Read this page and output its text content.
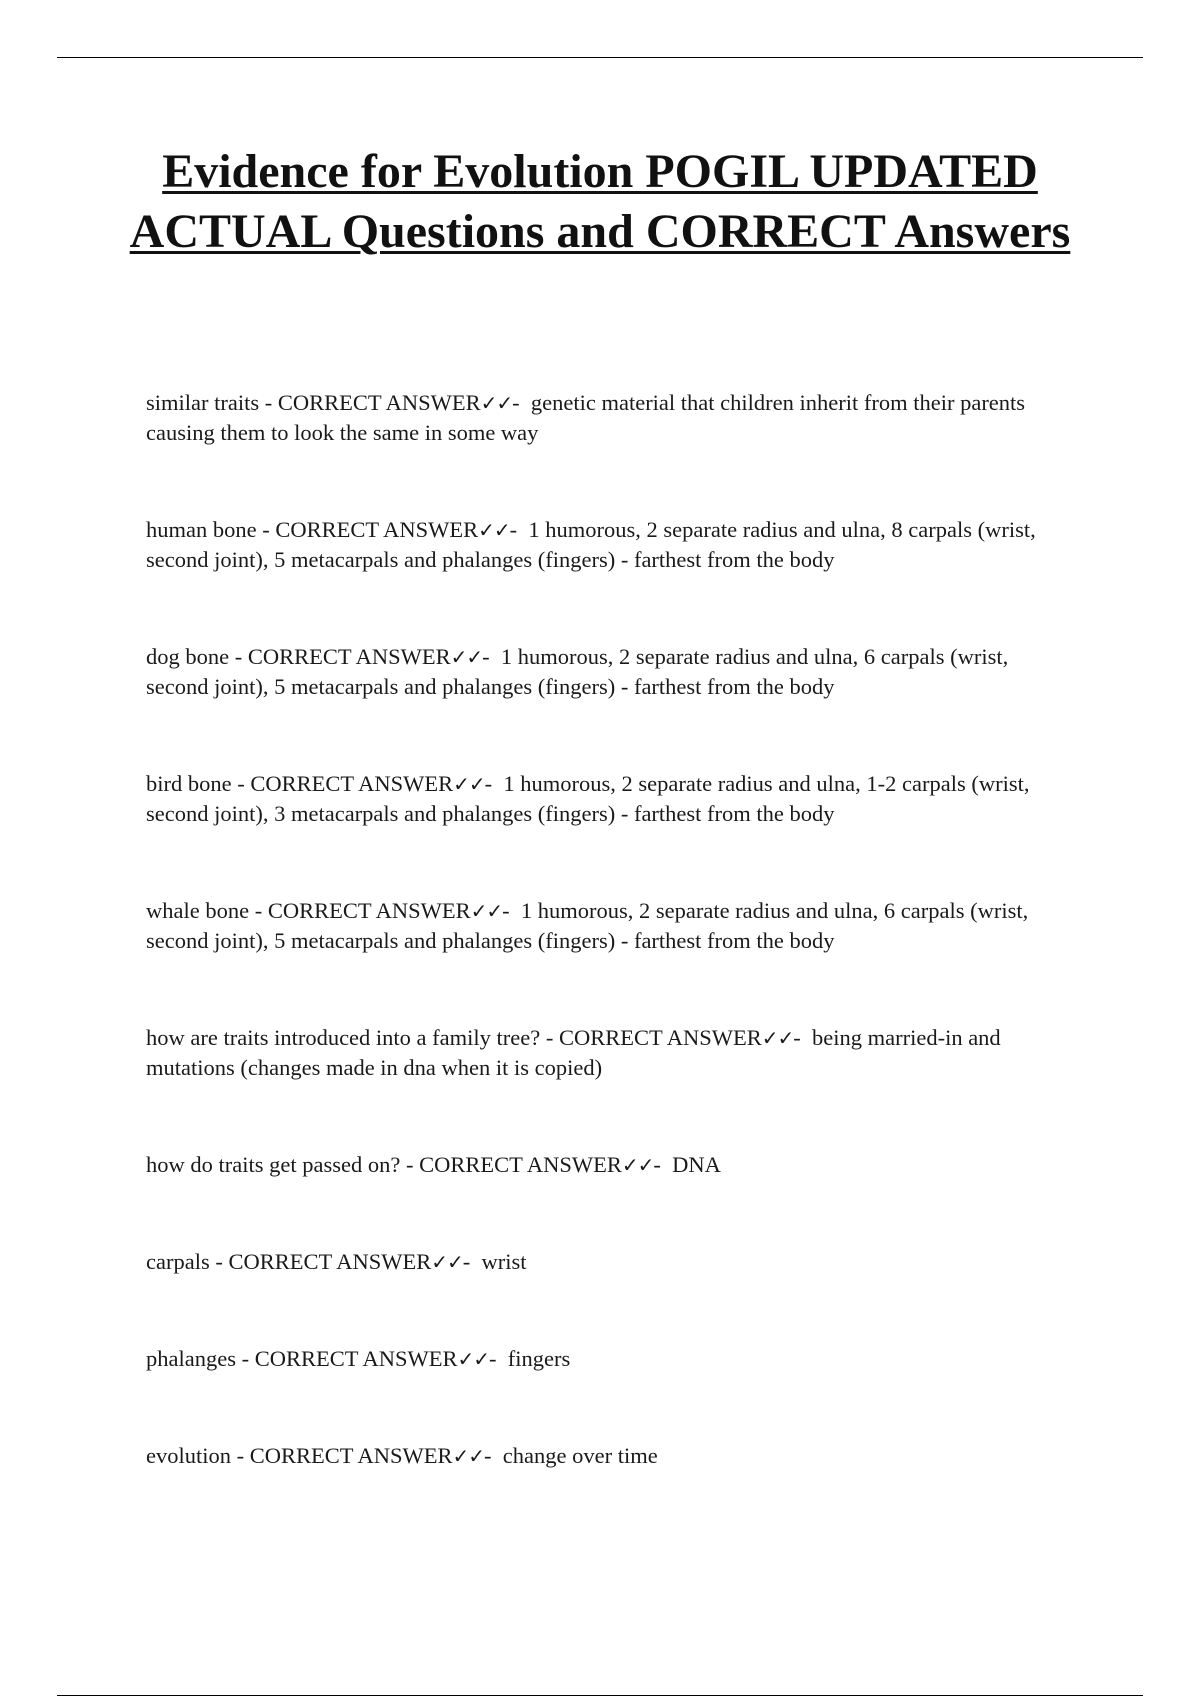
Evidence for Evolution POGIL UPDATED ACTUAL Questions and CORRECT Answers
similar traits - CORRECT ANSWER✓✓-  genetic material that children inherit from their parents causing them to look the same in some way
human bone - CORRECT ANSWER✓✓-  1 humorous, 2 separate radius and ulna, 8 carpals (wrist, second joint), 5 metacarpals and phalanges (fingers) - farthest from the body
dog bone - CORRECT ANSWER✓✓-  1 humorous, 2 separate radius and ulna, 6 carpals (wrist, second joint), 5 metacarpals and phalanges (fingers) - farthest from the body
bird bone - CORRECT ANSWER✓✓-  1 humorous, 2 separate radius and ulna, 1-2 carpals (wrist, second joint), 3 metacarpals and phalanges (fingers) - farthest from the body
whale bone - CORRECT ANSWER✓✓-  1 humorous, 2 separate radius and ulna, 6 carpals (wrist, second joint), 5 metacarpals and phalanges (fingers) - farthest from the body
how are traits introduced into a family tree? - CORRECT ANSWER✓✓-  being married-in and mutations (changes made in dna when it is copied)
how do traits get passed on? - CORRECT ANSWER✓✓-  DNA
carpals - CORRECT ANSWER✓✓-  wrist
phalanges - CORRECT ANSWER✓✓-  fingers
evolution - CORRECT ANSWER✓✓-  change over time
